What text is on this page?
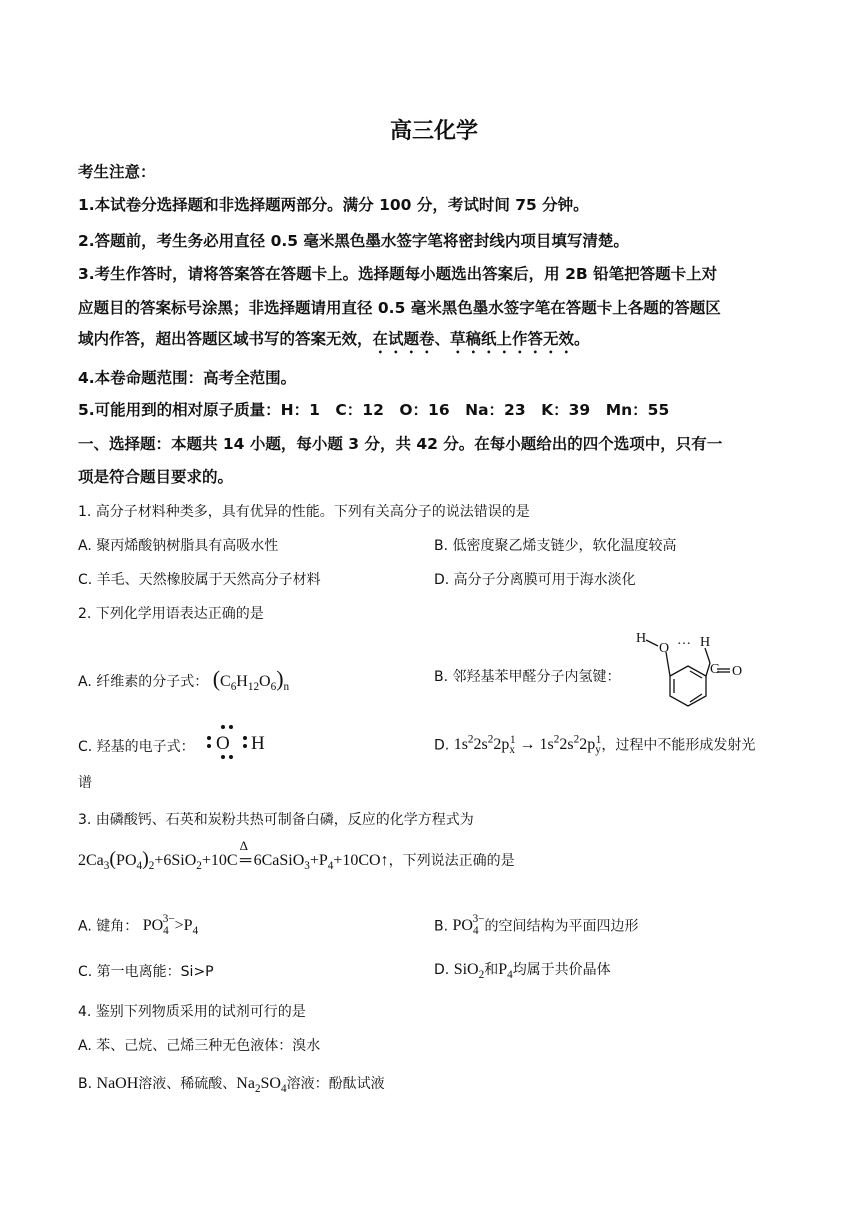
高三化学
考生注意：
1.本试卷分选择题和非选择题两部分。满分 100 分，考试时间 75 分钟。
2.答题前，考生务必用直径 0.5 毫米黑色墨水签字笔将密封线内项目填写清楚。
3.考生作答时，请将答案答在答题卡上。选择题每小题选出答案后，用 2B 铅笔把答题卡上对
应题目的答案标号涂黑；非选择题请用直径 0.5 毫米黑色墨水签字笔在答题卡上各题的答题区
域内作答，超出答题区域书写的答案无效，在试题卷、草稿纸上作答无效。
4.本卷命题范围：高考全范围。
5.可能用到的相对原子质量：H：1　C：12　O：16　Na：23　K：39　Mn：55
一、选择题：本题共 14 小题，每小题 3 分，共 42 分。在每小题给出的四个选项中，只有一
项是符合题目要求的。
1. 高分子材料种类多，具有优异的性能。下列有关高分子的说法错误的是
A. 聚丙烯酸钠树脂具有高吸水性	B. 低密度聚乙烯支链少，软化温度较高
C. 羊毛、天然橡胶属于天然高分子材料	D. 高分子分离膜可用于海水淡化
2. 下列化学用语表达正确的是
A. 纤维素的分子式： $(C_6H_{12}O_6)_n$
B. 邻羟基苯甲醛分子内氢键：
H
O ··· H
C O
C. 羟基的电子式： O H	D. $1s^22s^22p_x^1 \to 1s^22s^22p_y^1$，过程中不能形成发射光
谱
3. 由磷酸钙、石英和炭粉共热可制备白磷，反应的化学方程式为
$2Ca_3(PO_4)_2+6SiO_2+10C$
Δ
═ $6CaSiO_3+P_4+10CO↑$，下列说法正确的是
A. 键角： $PO_4^{3-}>P_4$	B. $PO_4^{3-}$的空间结构为平面四边形
C. 第一电离能：Si>P	D. SiO$_2$和$P_4$均属于共价晶体
4. 鉴别下列物质采用的试剂可行的是
A. 苯、己烷、己烯三种无色液体：溴水
B. NaOH溶液、稀硫酸、$Na_2SO_4$溶液：酚酞试液
